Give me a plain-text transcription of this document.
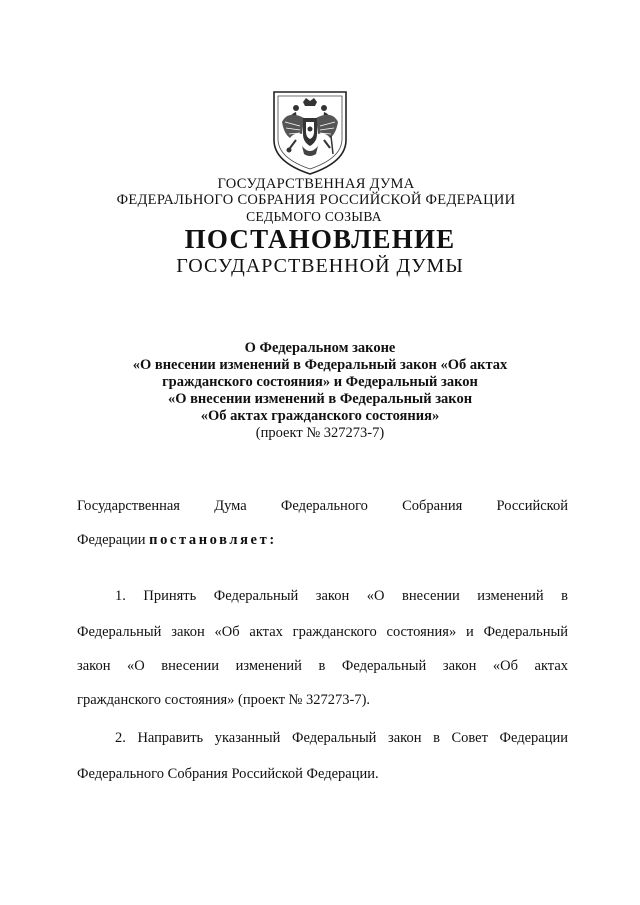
ГОСУДАРСТВЕННАЯ ДУМА
ФЕДЕРАЛЬНОГО СОБРАНИЯ РОССИЙСКОЙ ФЕДЕРАЦИИ
СЕДЬМОГО СОЗЫВА
ПОСТАНОВЛЕНИЕ
ГОСУДАРСТВЕННОЙ ДУМЫ
О Федеральном законе
«О внесении изменений в Федеральный закон «Об актах
гражданского состояния» и Федеральный закон
«О внесении изменений в Федеральный закон
«Об актах гражданского состояния»
(проект № 327273-7)
Государственная Дума Федерального Собрания Российской
Федерации постановляет:
1. Принять Федеральный закон «О внесении изменений в
Федеральный закон «Об актах гражданского состояния» и Федеральный
закон «О внесении изменений в Федеральный закон «Об актах
гражданского состояния» (проект № 327273-7).
2. Направить указанный Федеральный закон в Совет Федерации
Федерального Собрания Российской Федерации.
